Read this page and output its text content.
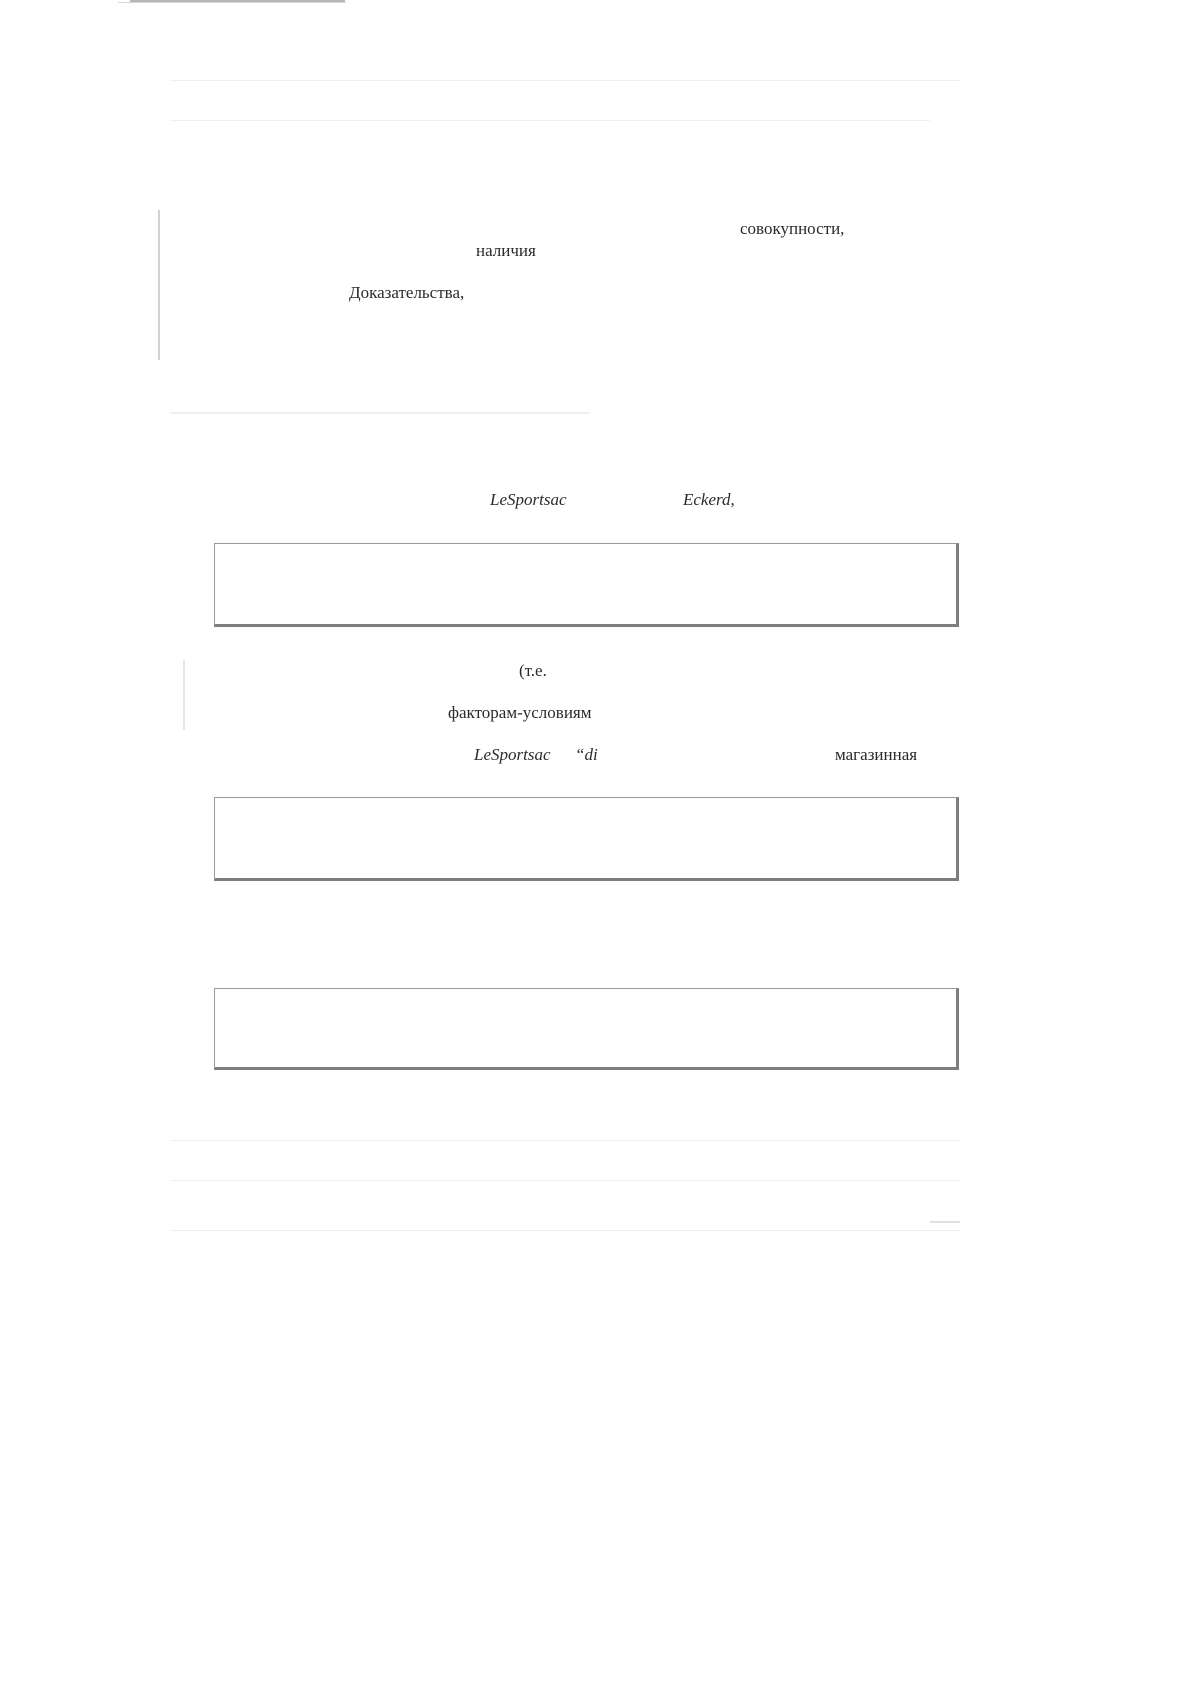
совокупности,
наличия
Доказательства,
LeSportsac	Eckerd,
(т.е.
факторам-условиям
LeSportsac “di	магазинная
